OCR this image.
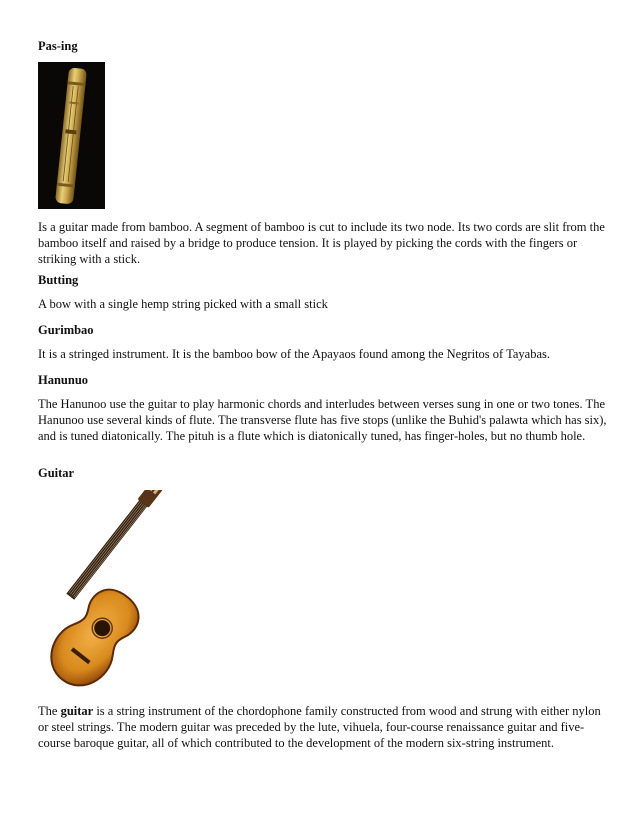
Pas-ing
Is a guitar made from bamboo. A segment of bamboo is cut to include its two node. Its two cords are slit from the bamboo itself and raised by a bridge to produce tension. It is played by picking the cords with the fingers or striking with a stick.
Butting
A bow with a single hemp string picked with a small stick
Gurimbao
It is a stringed instrument. It is the bamboo bow of the Apayaos found among the Negritos of Tayabas.
Hanunuo
The Hanunoo use the guitar to play harmonic chords and interludes between verses sung in one or two tones. The Hanunoo use several kinds of flute. The transverse flute has five stops (unlike the Buhid's palawta which has six), and is tuned diatonically. The pituh is a flute which is diatonically tuned, has finger-holes, but no thumb hole.
Guitar
The guitar is a string instrument of the chordophone family constructed from wood and strung with either nylon or steel strings. The modern guitar was preceded by the lute, vihuela, four-course renaissance guitar and five-course baroque guitar, all of which contributed to the development of the modern six-string instrument.
